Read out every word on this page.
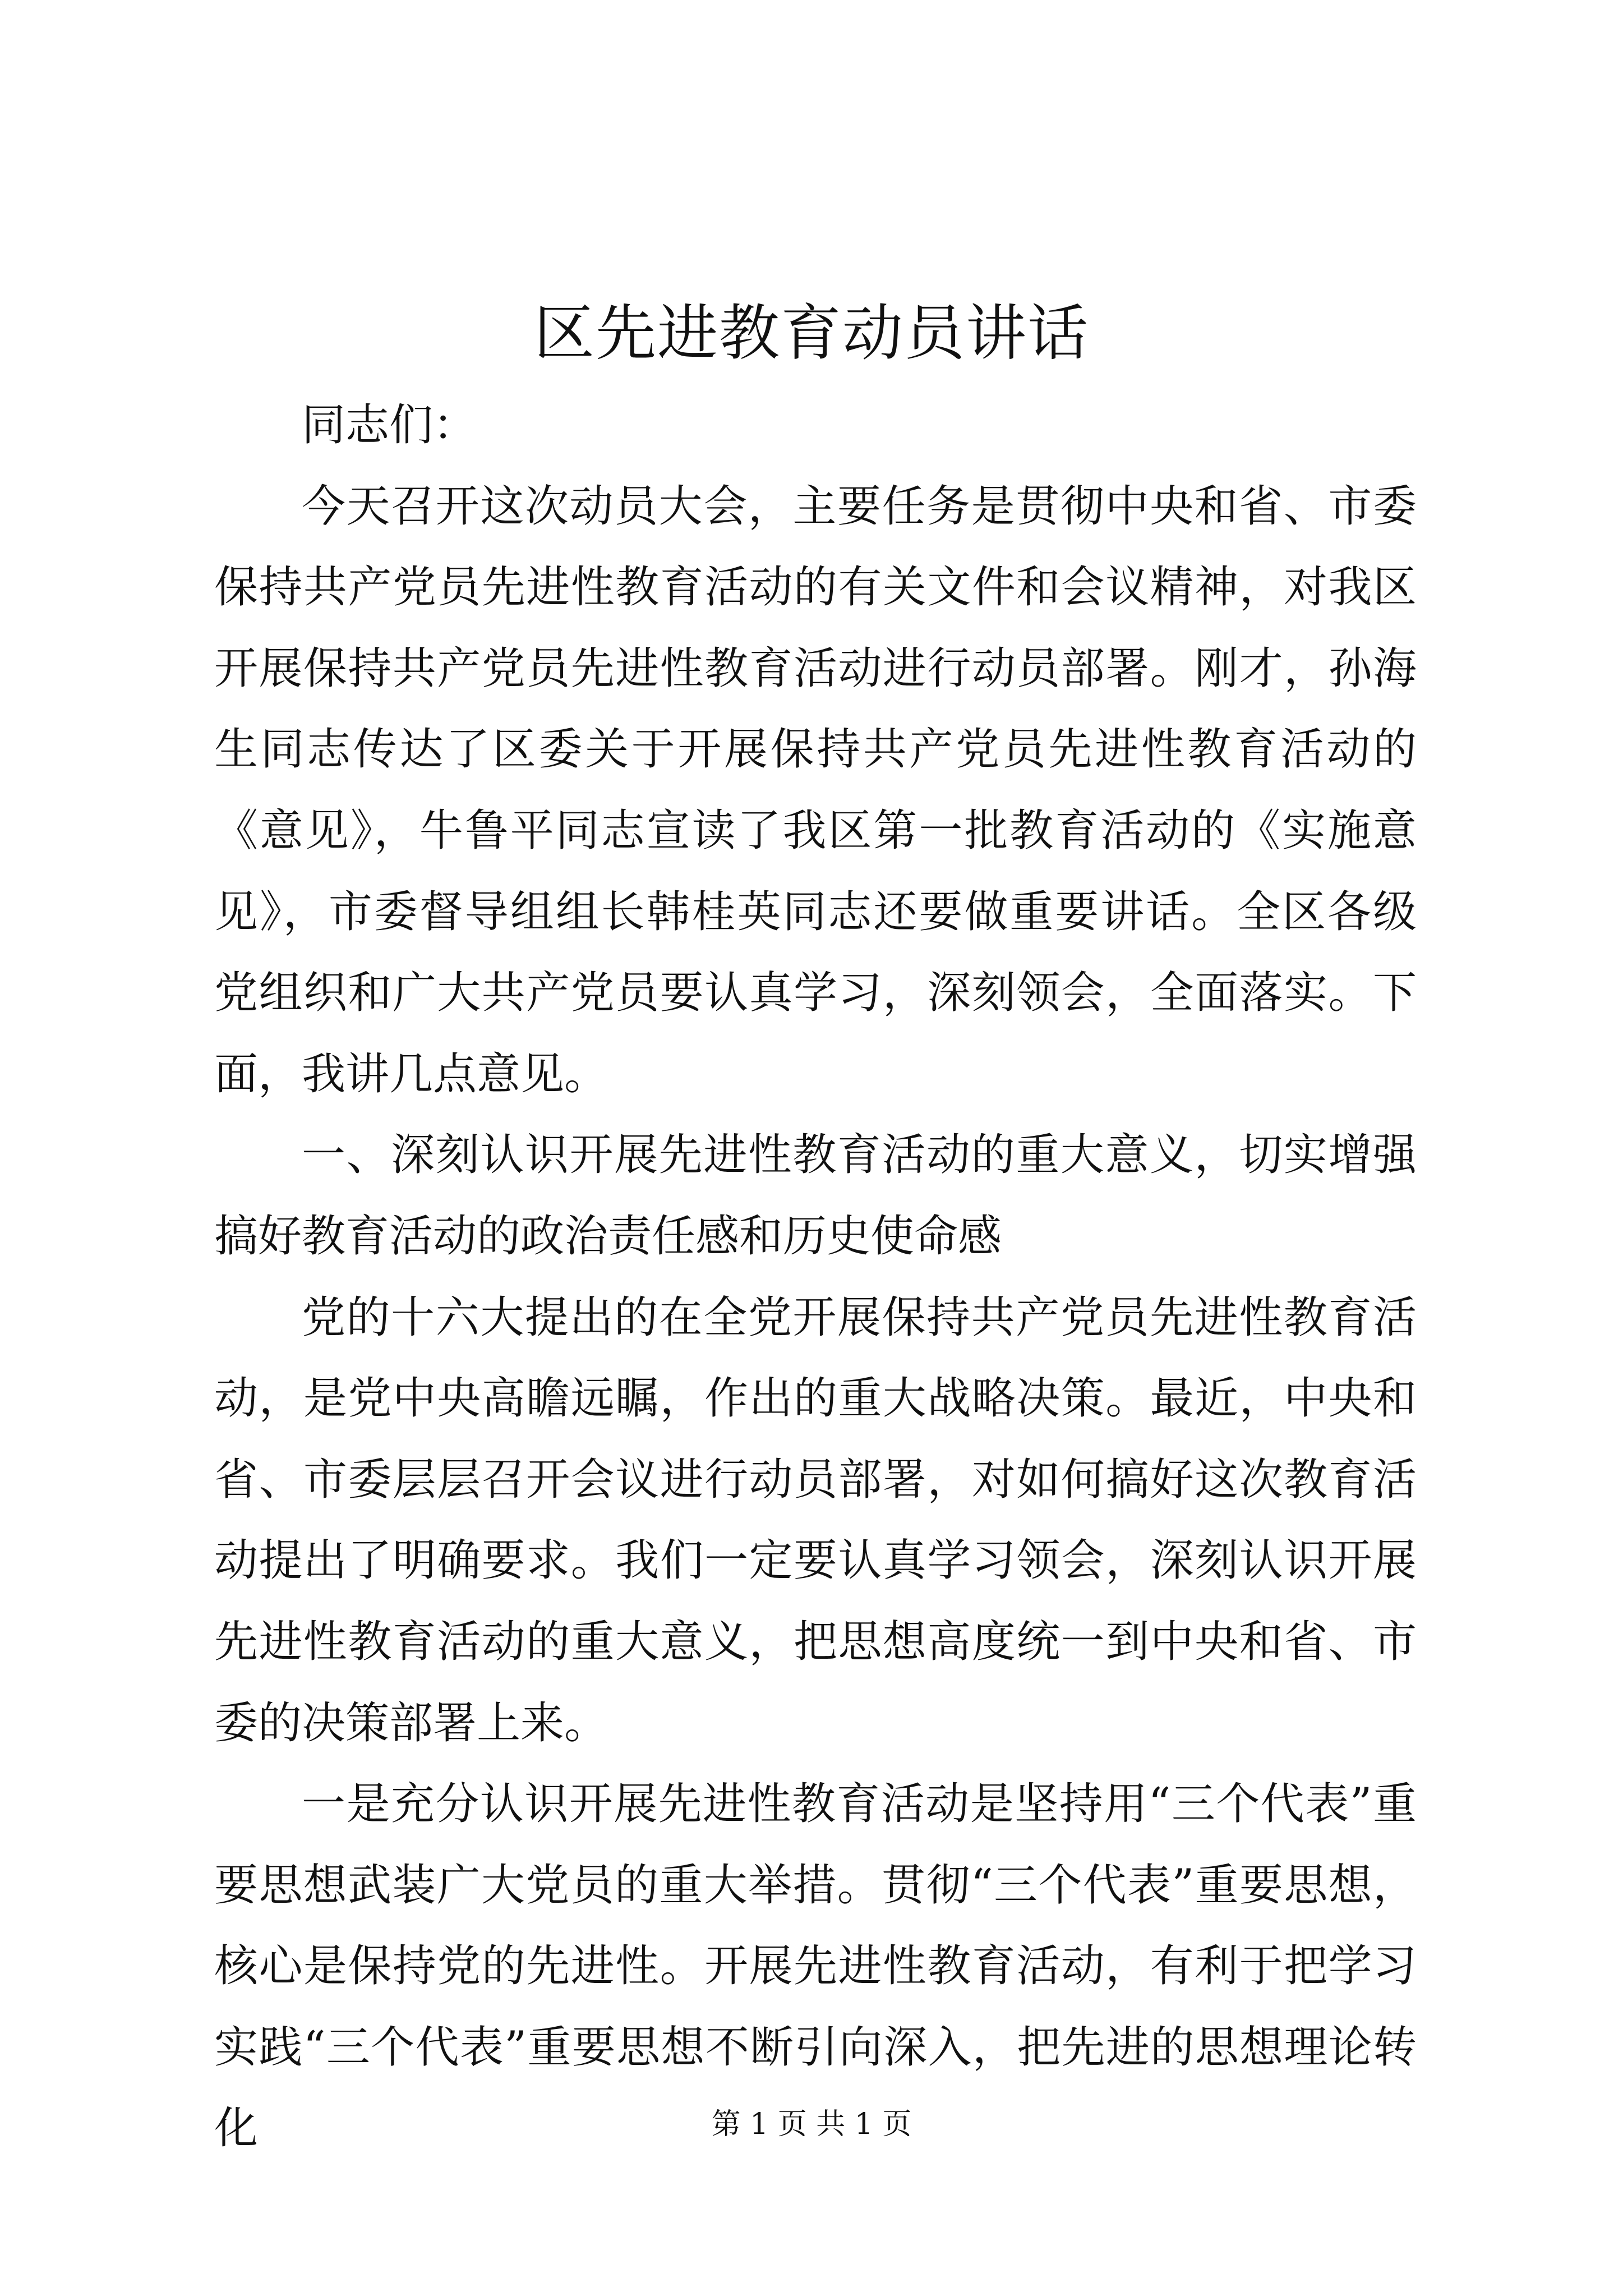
区先进教育动员讲话

同志们：

今天召开这次动员大会，主要任务是贯彻中央和省、市委保持共产党员先进性教育活动的有关文件和会议精神，对我区开展保持共产党员先进性教育活动进行动员部署。刚才，孙海生同志传达了区委关于开展保持共产党员先进性教育活动的《意见》，牛鲁平同志宣读了我区第一批教育活动的《实施意见》，市委督导组组长韩桂英同志还要做重要讲话。全区各级党组织和广大共产党员要认真学习，深刻领会，全面落实。下面，我讲几点意见。

一、深刻认识开展先进性教育活动的重大意义，切实增强搞好教育活动的政治责任感和历史使命感

党的十六大提出的在全党开展保持共产党员先进性教育活动，是党中央高瞻远瞩，作出的重大战略决策。最近，中央和省、市委层层召开会议进行动员部署，对如何搞好这次教育活动提出了明确要求。我们一定要认真学习领会，深刻认识开展先进性教育活动的重大意义，把思想高度统一到中央和省、市委的决策部署上来。

一是充分认识开展先进性教育活动是坚持用“三个代表”重要思想武装广大党员的重大举措。贯彻“三个代表”重要思想，核心是保持党的先进性。开展先进性教育活动，有利于把学习实践“三个代表”重要思想不断引向深入，把先进的思想理论转化	第 1 页 共 1 页
